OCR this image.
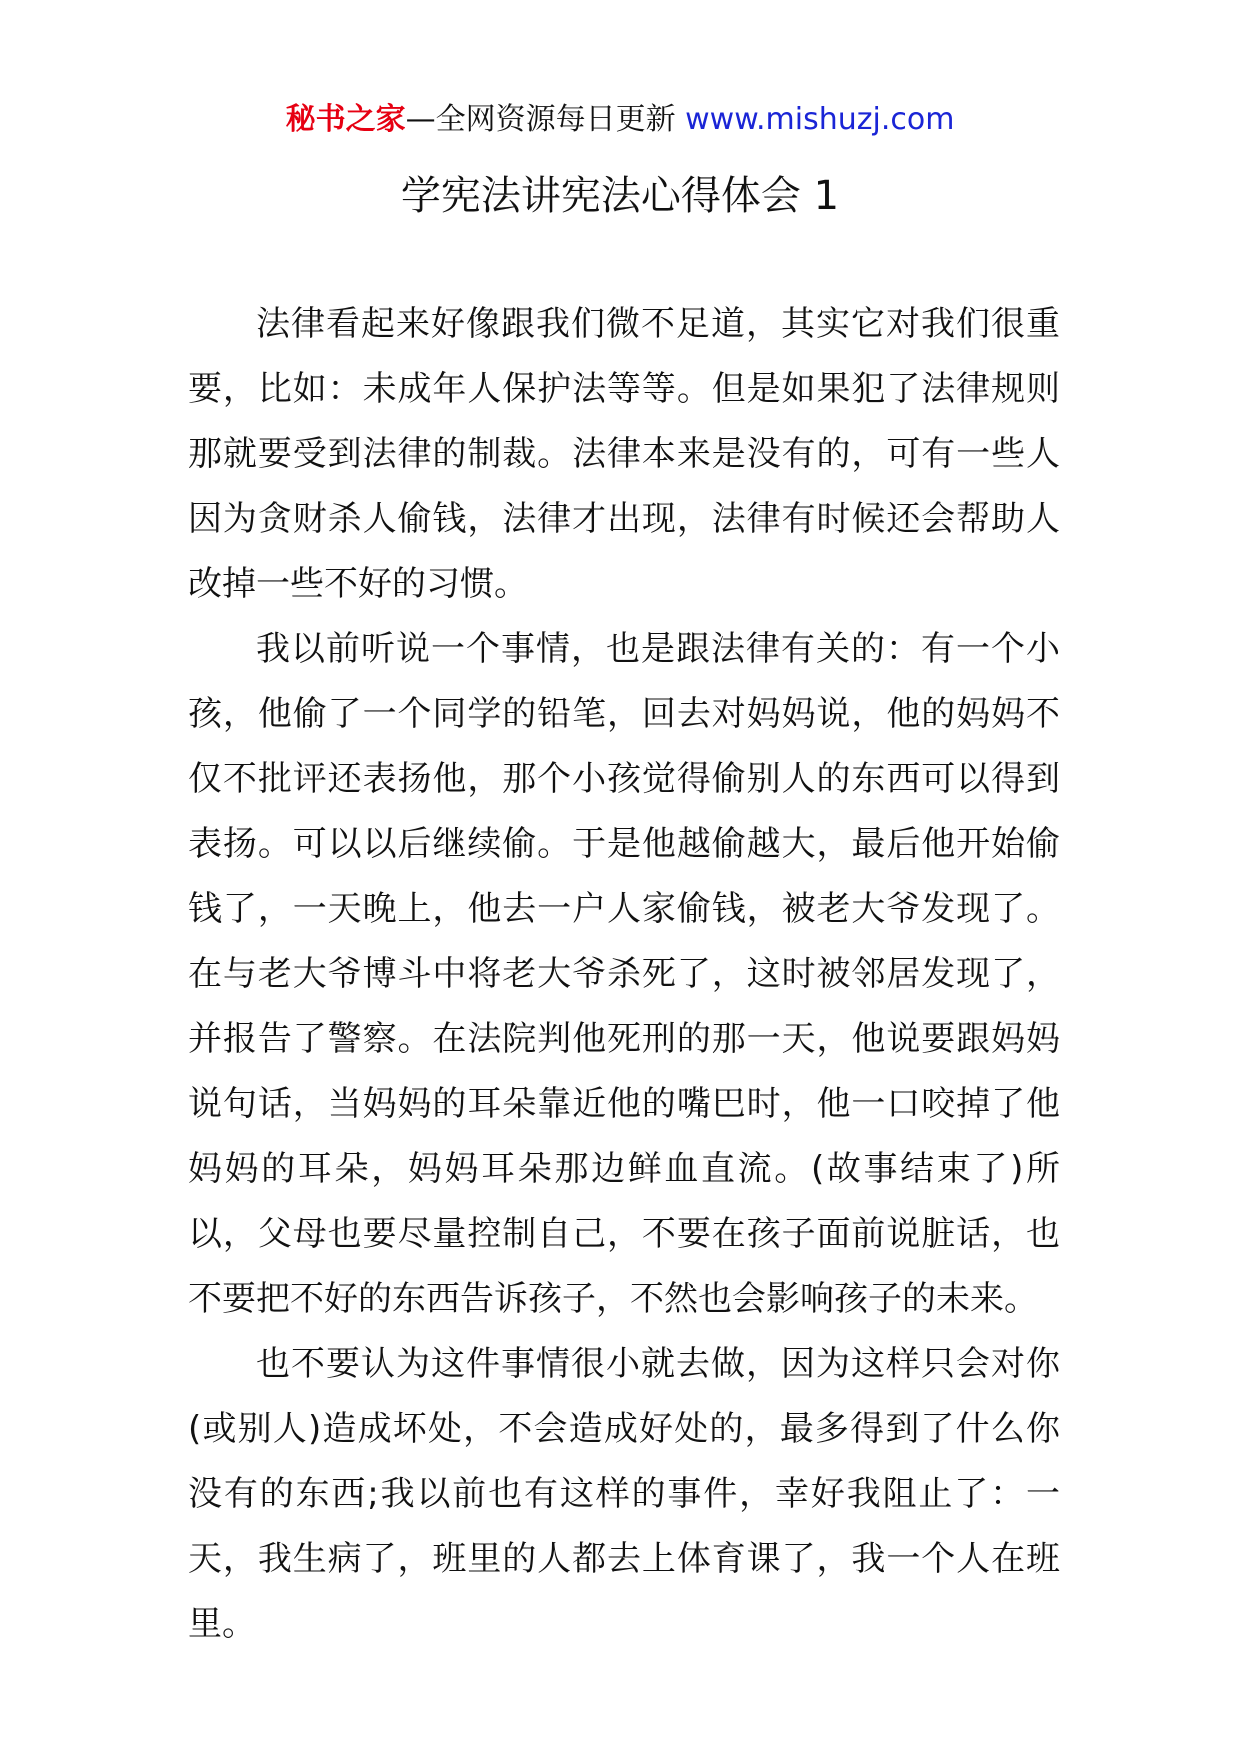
秘书之家—全网资源每日更新 www.mishuzj.com
学宪法讲宪法心得体会 1

法律看起来好像跟我们微不足道，其实它对我们很重要，比如：未成年人保护法等等。但是如果犯了法律规则那就要受到法律的制裁。法律本来是没有的，可有一些人因为贪财杀人偷钱，法律才出现，法律有时候还会帮助人改掉一些不好的习惯。

我以前听说一个事情，也是跟法律有关的：有一个小孩，他偷了一个同学的铅笔，回去对妈妈说，他的妈妈不仅不批评还表扬他，那个小孩觉得偷别人的东西可以得到表扬。可以以后继续偷。于是他越偷越大，最后他开始偷钱了，一天晚上，他去一户人家偷钱，被老大爷发现了。在与老大爷博斗中将老大爷杀死了，这时被邻居发现了，并报告了警察。在法院判他死刑的那一天，他说要跟妈妈说句话，当妈妈的耳朵靠近他的嘴巴时，他一口咬掉了他妈妈的耳朵，妈妈耳朵那边鲜血直流。(故事结束了)所以，父母也要尽量控制自己，不要在孩子面前说脏话，也不要把不好的东西告诉孩子，不然也会影响孩子的未来。

也不要认为这件事情很小就去做，因为这样只会对你(或别人)造成坏处，不会造成好处的，最多得到了什么你没有的东西;我以前也有这样的事件，幸好我阻止了：一天，我生病了，班里的人都去上体育课了，我一个人在班里。
